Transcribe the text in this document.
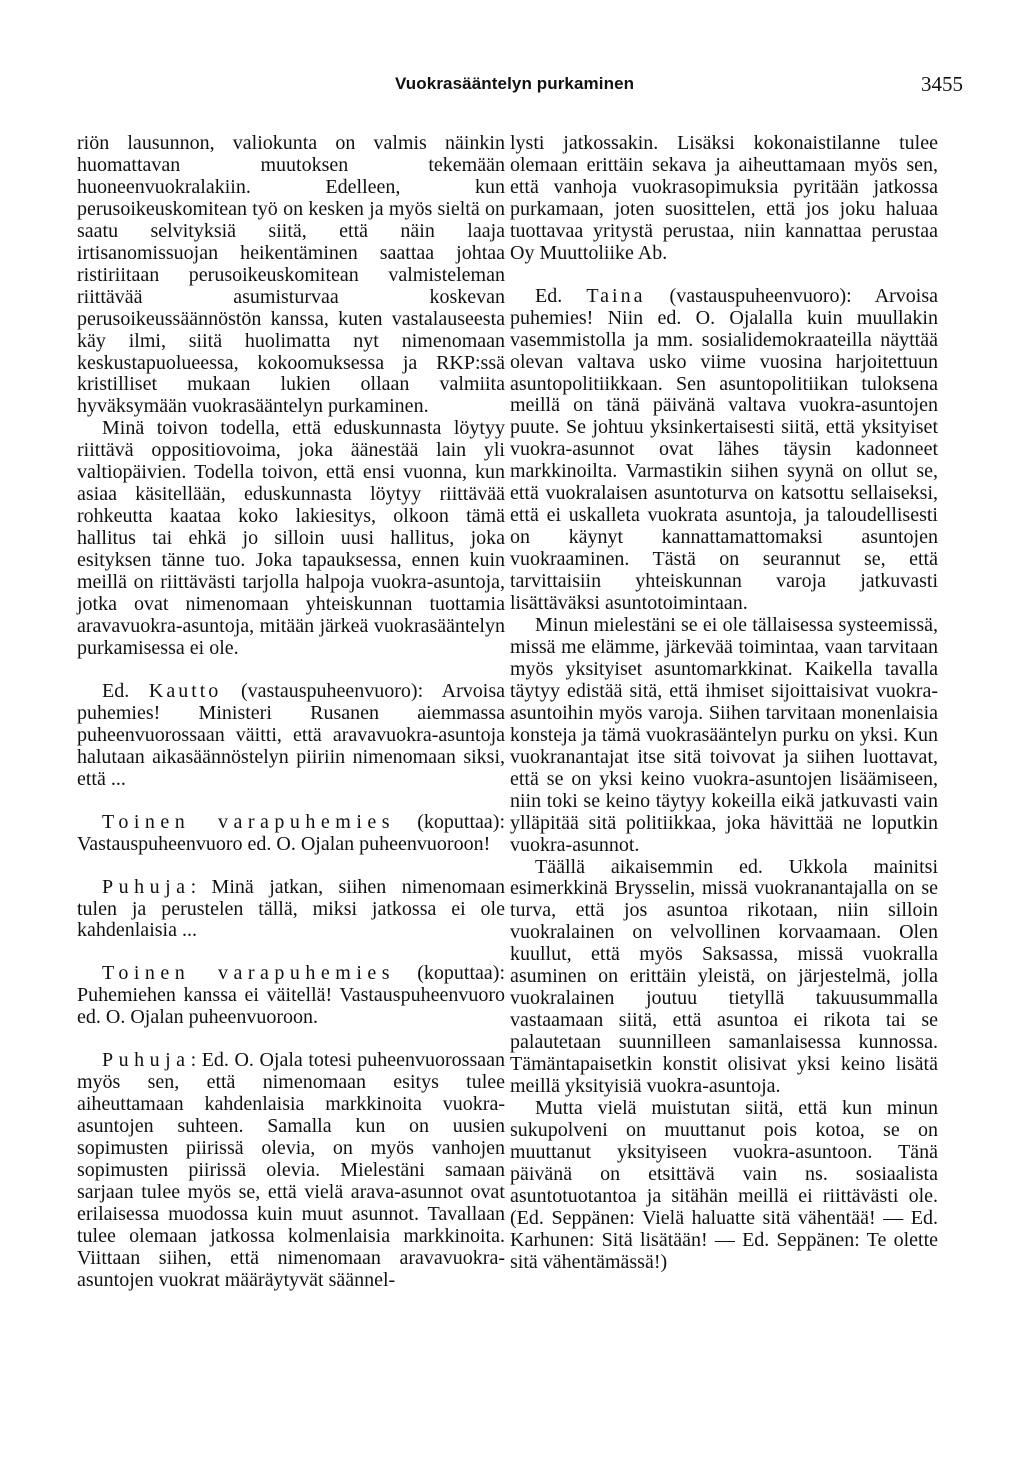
Vuokrasääntelyn purkaminen	3455

riön lausunnon, valiokunta on valmis näinkin huomattavan muutoksen tekemään huoneenvuokralakiin. Edelleen, kun perusoikeuskomitean työ on kesken ja myös sieltä on saatu selvityksiä siitä, että näin laaja irtisanomissuojan heikentäminen saattaa johtaa ristiriitaan perusoikeuskomitean valmisteleman riittävää asumisturvaa koskevan perusoikeussäännöstön kanssa, kuten vastalauseesta käy ilmi, siitä huolimatta nyt nimenomaan keskustapuolueessa, kokoomuksessa ja RKP:ssä kristilliset mukaan lukien ollaan valmiita hyväksymään vuokrasääntelyn purkaminen.

Minä toivon todella, että eduskunnasta löytyy riittävä oppositiovoima, joka äänestää lain yli valtiopäivien. Todella toivon, että ensi vuonna, kun asiaa käsitellään, eduskunnasta löytyy riittävää rohkeutta kaataa koko lakiesitys, olkoon tämä hallitus tai ehkä jo silloin uusi hallitus, joka esityksen tänne tuo. Joka tapauksessa, ennen kuin meillä on riittävästi tarjolla halpoja vuokra-asuntoja, jotka ovat nimenomaan yhteiskunnan tuottamia aravavuokra-asuntoja, mitään järkeä vuokrasääntelyn purkamisessa ei ole.

Ed. Kautto (vastauspuheenvuoro): Arvoisa puhemies! Ministeri Rusanen aiemmassa puheenvuorossaan väitti, että aravavuokra-asuntoja halutaan aikasäännöstelyn piiriin nimenomaan siksi, että ...

Toinen varapuhemies (koputtaa): Vastauspuheenvuoro ed. O. Ojalan puheenvuoroon!

Puhuja: Minä jatkan, siihen nimenomaan tulen ja perustelen tällä, miksi jatkossa ei ole kahdenlaisia ...

Toinen varapuhemies (koputtaa): Puhemiehen kanssa ei väitellä! Vastauspuheenvuoro ed. O. Ojalan puheenvuoroon.

Puhuja: Ed. O. Ojala totesi puheenvuorossaan myös sen, että nimenomaan esitys tulee aiheuttamaan kahdenlaisia markkinoita vuokra-asuntojen suhteen. Samalla kun on uusien sopimusten piirissä olevia, on myös vanhojen sopimusten piirissä olevia. Mielestäni samaan sarjaan tulee myös se, että vielä arava-asunnot ovat erilaisessa muodossa kuin muut asunnot. Tavallaan tulee olemaan jatkossa kolmenlaisia markkinoita. Viittaan siihen, että nimenomaan aravavuokra-asuntojen vuokrat määräytyvät säännel-

lysti jatkossakin. Lisäksi kokonaistilanne tulee olemaan erittäin sekava ja aiheuttamaan myös sen, että vanhoja vuokrasopimuksia pyritään jatkossa purkamaan, joten suosittelen, että jos joku haluaa tuottavaa yritystä perustaa, niin kannattaa perustaa Oy Muuttoliike Ab.

Ed. Taina (vastauspuheenvuoro): Arvoisa puhemies! Niin ed. O. Ojalalla kuin muullakin vasemmistolla ja mm. sosialidemokraateilla näyttää olevan valtava usko viime vuosina harjoitettuun asuntopolitiikkaan. Sen asuntopolitiikan tuloksena meillä on tänä päivänä valtava vuokra-asuntojen puute. Se johtuu yksinkertaisesti siitä, että yksityiset vuokra-asunnot ovat lähes täysin kadonneet markkinoilta. Varmastikin siihen syynä on ollut se, että vuokralaisen asuntoturva on katsottu sellaiseksi, että ei uskalleta vuokrata asuntoja, ja taloudellisesti on käynyt kannattamattomaksi asuntojen vuokraaminen. Tästä on seurannut se, että tarvittaisiin yhteiskunnan varoja jatkuvasti lisättäväksi asuntotoimintaan.

Minun mielestäni se ei ole tällaisessa systeemissä, missä me elämme, järkevää toimintaa, vaan tarvitaan myös yksityiset asuntomarkkinat. Kaikella tavalla täytyy edistää sitä, että ihmiset sijoittaisivat vuokra-asuntoihin myös varoja. Siihen tarvitaan monenlaisia konsteja ja tämä vuokrasääntelyn purku on yksi. Kun vuokranantajat itse sitä toivovat ja siihen luottavat, että se on yksi keino vuokra-asuntojen lisäämiseen, niin toki se keino täytyy kokeilla eikä jatkuvasti vain ylläpitää sitä politiikkaa, joka hävittää ne loputkin vuokra-asunnot.

Täällä aikaisemmin ed. Ukkola mainitsi esimerkkinä Brysselin, missä vuokranantajalla on se turva, että jos asuntoa rikotaan, niin silloin vuokralainen on velvollinen korvaamaan. Olen kuullut, että myös Saksassa, missä vuokralla asuminen on erittäin yleistä, on järjestelmä, jolla vuokralainen joutuu tietyllä takuusummalla vastaamaan siitä, että asuntoa ei rikota tai se palautetaan suunnilleen samanlaisessa kunnossa. Tämäntapaisetkin konstit olisivat yksi keino lisätä meillä yksityisiä vuokra-asuntoja.

Mutta vielä muistutan siitä, että kun minun sukupolveni on muuttanut pois kotoa, se on muuttanut yksityiseen vuokra-asuntoon. Tänä päivänä on etsittävä vain ns. sosiaalista asuntotuotantoa ja sitähän meillä ei riittävästi ole. (Ed. Seppänen: Vielä haluatte sitä vähentää! — Ed. Karhunen: Sitä lisätään! — Ed. Seppänen: Te olette sitä vähentämässä!)
